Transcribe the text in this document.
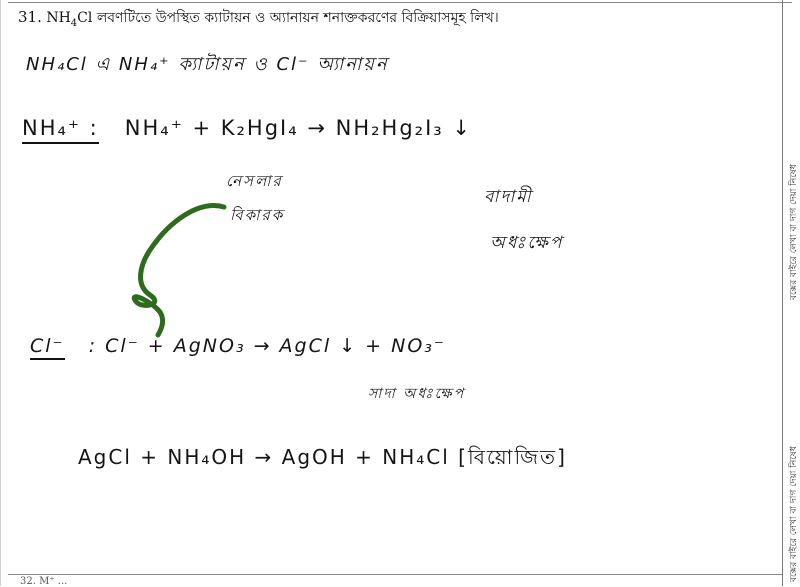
31. $NH_4Cl$ লবণটিতে উপস্থিত ক্যাটায়ন ও অ্যানায়ন শনাক্তকরণের বিক্রিয়াসমূহ লিখ।
NH₄Cl এ NH₄⁺ ক্যাটায়ন ও Cl⁻ অ্যানায়ন
NH₄⁺ : NH₄⁺ + K₂HgI₄ → NH₂Hg₂I₃ ↓
নেসলার
বিকারক
বাদামী
অধঃক্ষেপ
Cl⁻ : Cl⁻ + AgNO₃ → AgCl ↓ + NO₃⁻
সাদা অধঃক্ষেপ
AgCl + NH₄OH → AgOH + NH₄Cl [বিয়োজিত]
বক্সের বাইরে লেখা বা দাগ দেয়া নিষেধ
বক্সের বাইরে লেখা বা দাগ দেয়া নিষেধ
32. M⁺ ...
